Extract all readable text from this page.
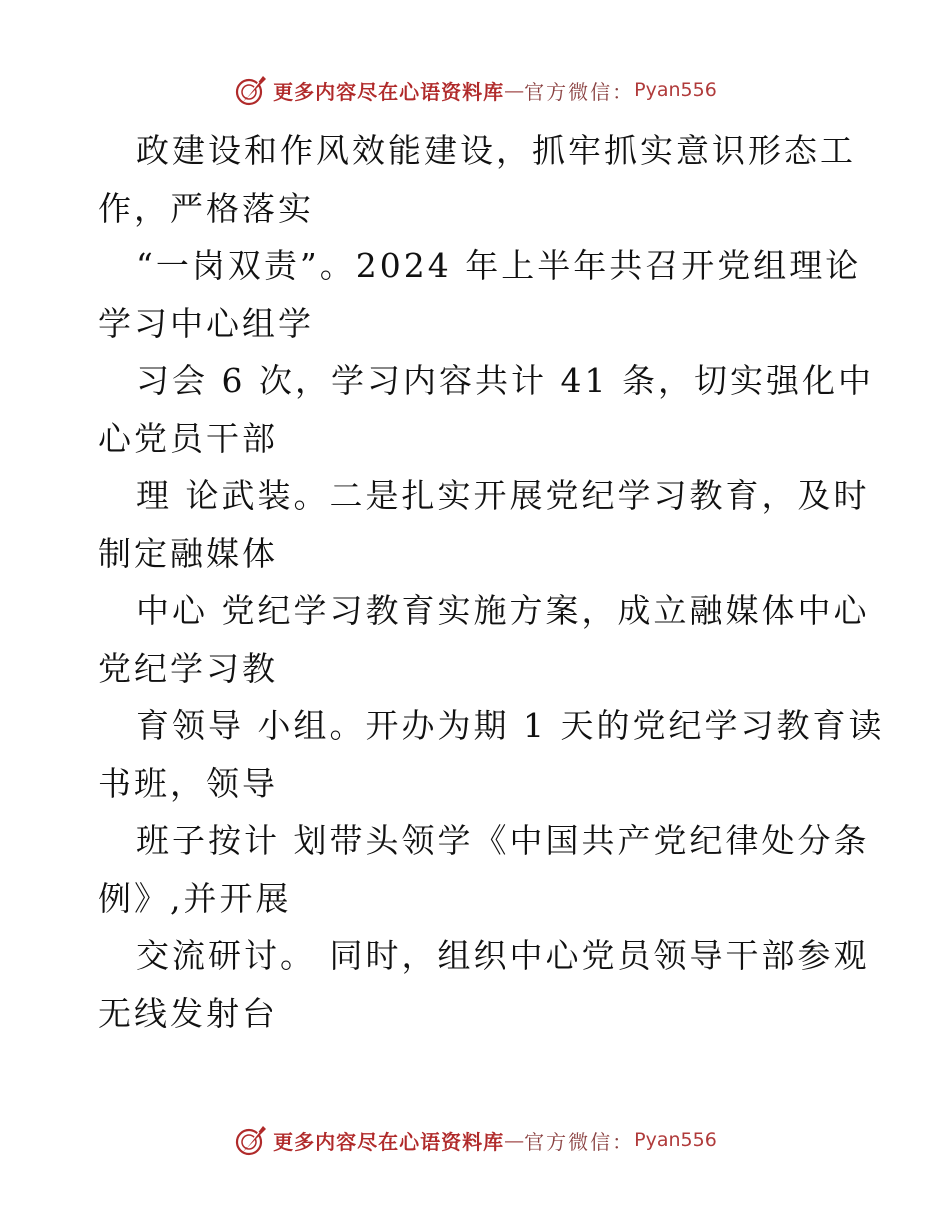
更多内容尽在心语资料库 — 官方微信： Pyan556
政建设和作风效能建设，抓牢抓实意识形态工
作，严格落实
“一岗双责”。2024 年上半年共召开党组理论
学习中心组学
习会 6 次，学习内容共计 41 条，切实强化中
心党员干部
理 论武装。二是扎实开展党纪学习教育，及时
制定融媒体
中心 党纪学习教育实施方案，成立融媒体中心
党纪学习教
育领导 小组。开办为期 1 天的党纪学习教育读
书班，领导
班子按计 划带头领学《中国共产党纪律处分条
例》,并开展
交流研讨。 同时，组织中心党员领导干部参观
无线发射台
更多内容尽在心语资料库 — 官方微信： Pyan556
